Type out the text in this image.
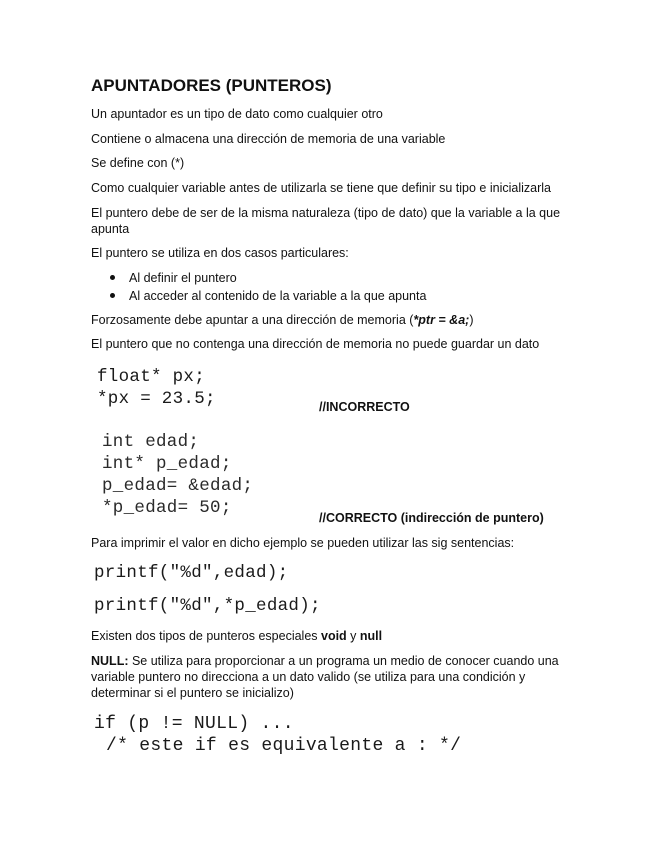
APUNTADORES (PUNTEROS)
Un apuntador es un tipo de dato como cualquier otro
Contiene o almacena una dirección de memoria de una variable
Se define con (*)
Como cualquier variable antes de utilizarla se tiene que definir su tipo e inicializarla
El puntero debe de ser de la misma naturaleza (tipo de dato) que la variable a la que apunta
El puntero se utiliza en dos casos particulares:
Al definir el puntero
Al acceder al contenido de la variable a la que apunta
Forzosamente debe apuntar a una dirección de memoria (*ptr = &a;)
El puntero que no contenga una dirección de memoria no puede guardar un dato
float* px;
*px = 23.5;	//INCORRECTO
int edad;
int* p_edad;
p_edad= &edad;
*p_edad= 50;	//CORRECTO (indirección de puntero)
Para imprimir el valor en dicho ejemplo se pueden utilizar las sig sentencias:
printf("%d",edad);
printf("%d",*p_edad);
Existen dos tipos de punteros especiales void y null
NULL: Se utiliza para proporcionar a un programa un medio de conocer cuando una variable puntero no direcciona a un dato valido (se utiliza para una condición y determinar si el puntero se inicializo)
if (p != NULL) ...
/* este if es equivalente a : */
